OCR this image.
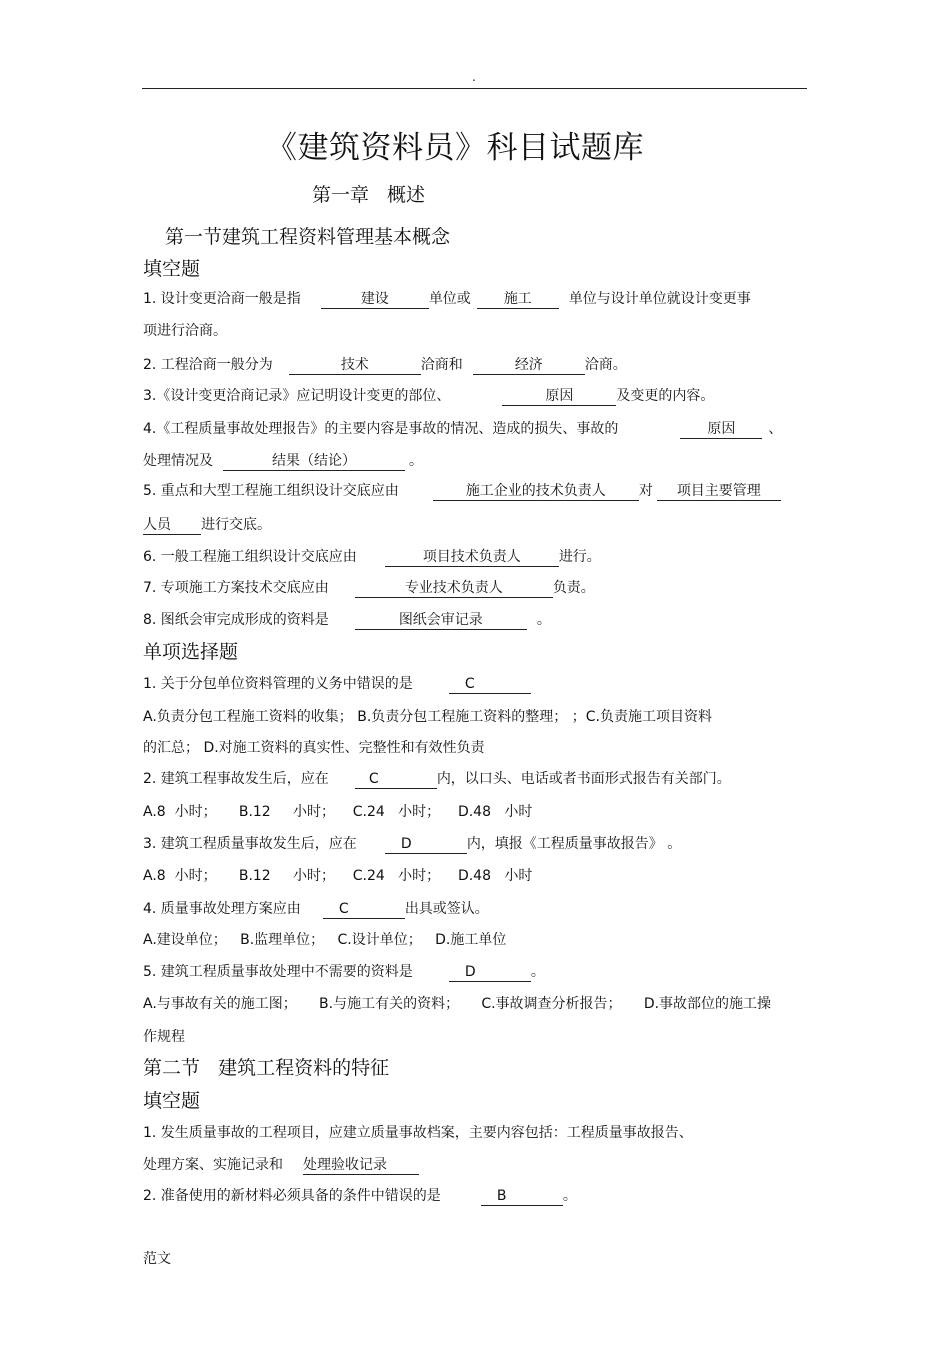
.
《建筑资料员》科目试题库
第一章 概述
第一节建筑工程资料管理基本概念
填空题
1. 设计变更洽商一般是指	建设	单位或 施工	单位与设计单位就设计变更事
项进行洽商。
2. 工程洽商一般分为	技术	洽商和	经济	洽商。
3.《设计变更洽商记录》应记明设计变更的部位、	原因	及变更的内容。
4.《工程质量事故处理报告》的主要内容是事故的情况、造成的损失、事故的	原因 、
处理情况及	结果（结论）	。
5. 重点和大型工程施工组织设计交底应由	施工企业的技术负责人 对 项目主要管理
人员 进行交底。
6. 一般工程施工组织设计交底应由	项目技术负责人	进行。
7. 专项施工方案技术交底应由	专业技术负责人	负责。
8. 图纸会审完成形成的资料是	图纸会审记录	。
单项选择题
1. 关于分包单位资料管理的义务中错误的是	C
A.负责分包工程施工资料的收集； B.负责分包工程施工资料的整理； ；C.负责施工项目资料
的汇总； D.对施工资料的真实性、完整性和有效性负责
2. 建筑工程事故发生后，应在	C	内，以口头、电话或者书面形式报告有关部门。
A.8  小时；     B.12     小时；    C.24   小时；    D.48   小时
3. 建筑工程质量事故发生后，应在	D	内，填报《工程质量事故报告》 。
A.8  小时；     B.12     小时；    C.24   小时；    D.48   小时
4. 质量事故处理方案应由	C	出具或签认。
A.建设单位；   B.监理单位；   C.设计单位；   D.施工单位
5. 建筑工程质量事故处理中不需要的资料是	D	。
A.与事故有关的施工图；     B.与施工有关的资料；     C.事故调查分析报告；     D.事故部位的施工操
作规程
第二节   建筑工程资料的特征
填空题
1. 发生质量事故的工程项目，应建立质量事故档案，主要内容包括：工程质量事故报告、
处理方案、实施记录和 处理验收记录
2. 准备使用的新材料必须具备的条件中错误的是	B	。
范文
